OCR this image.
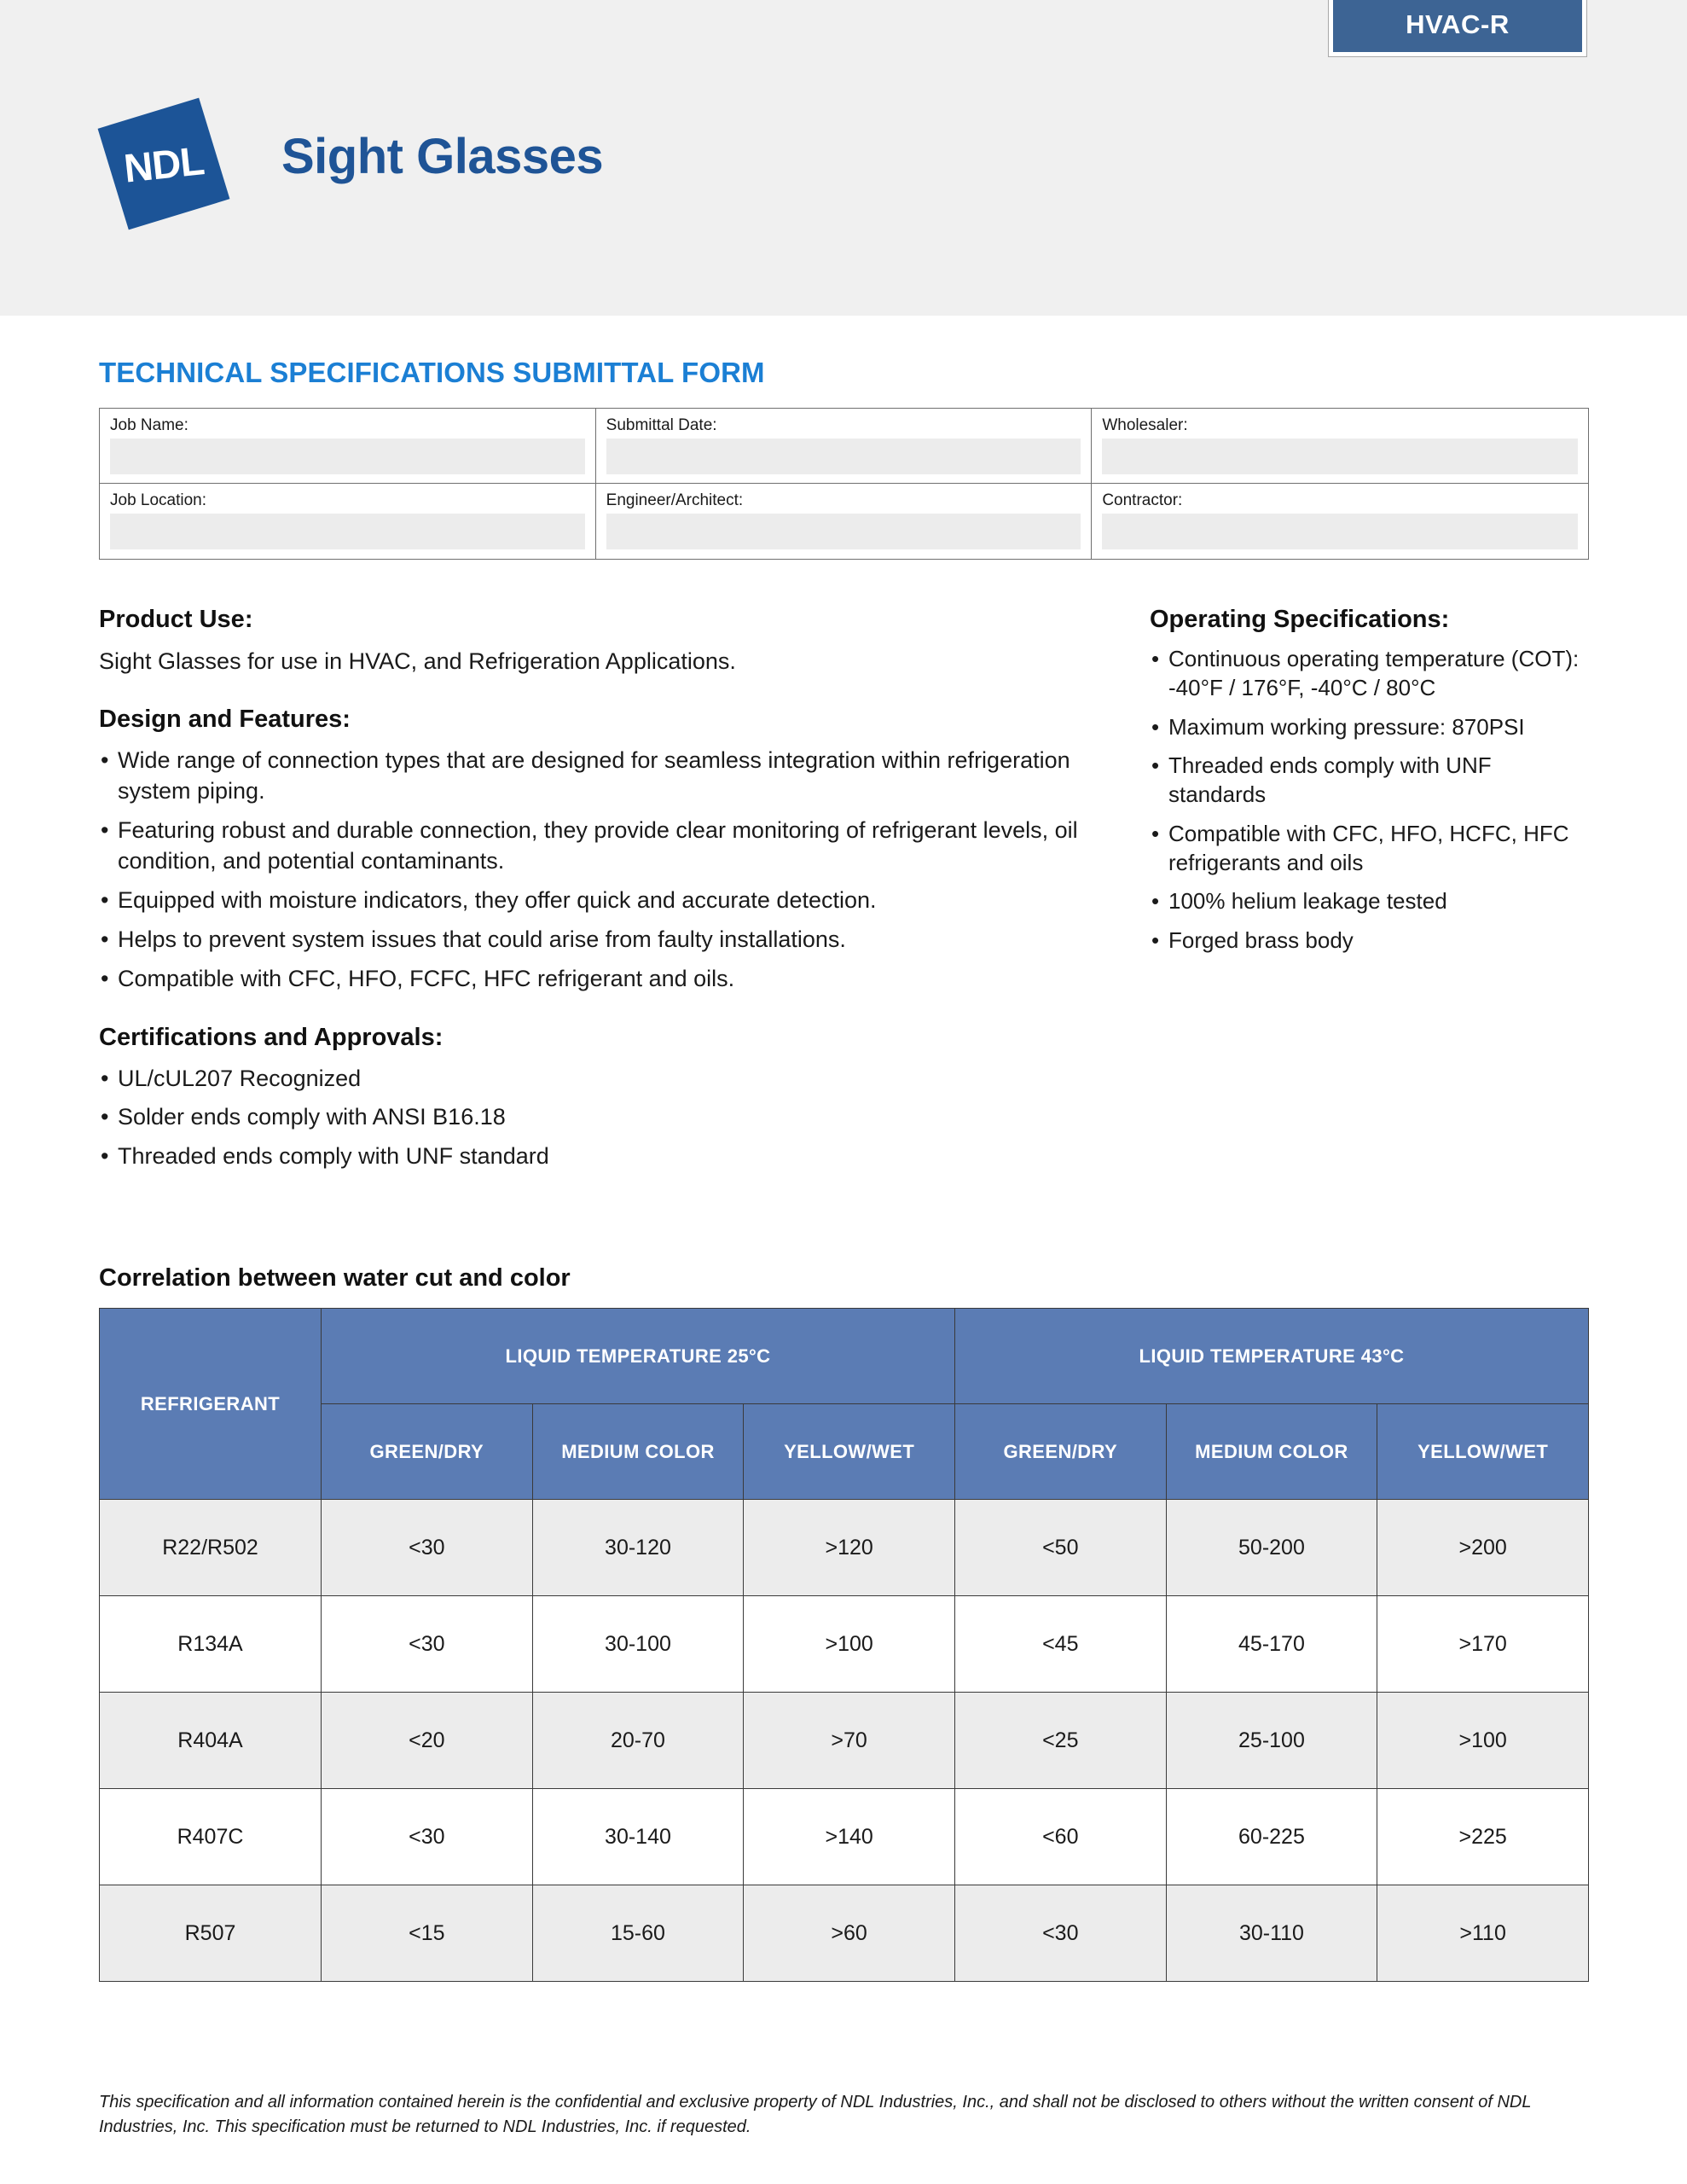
HVAC-R
NDL	Sight Glasses
TECHNICAL SPECIFICATIONS SUBMITTAL FORM
Job Name:	Submittal Date:	Wholesaler:
Job Location:	Engineer/Architect:	Contractor:
Product Use:
Sight Glasses for use in HVAC, and Refrigeration Applications.
Design and Features:
• Wide range of connection types that are designed for seamless integration within refrigeration system piping.
• Featuring robust and durable connection, they provide clear monitoring of refrigerant levels, oil condition, and potential contaminants.
• Equipped with moisture indicators, they offer quick and accurate detection.
• Helps to prevent system issues that could arise from faulty installations.
• Compatible with CFC, HFO, FCFC, HFC refrigerant and oils.
Certifications and Approvals:
• UL/cUL207 Recognized
• Solder ends comply with ANSI B16.18
• Threaded ends comply with UNF standard
Operating Specifications:
• Continuous operating temperature (COT): -40°F / 176°F, -40°C / 80°C
• Maximum working pressure: 870PSI
• Threaded ends comply with UNF standards
• Compatible with CFC, HFO, HCFC, HFC refrigerants and oils
• 100% helium leakage tested
• Forged brass body
Correlation between water cut and color
REFRIGERANT	LIQUID TEMPERATURE 25°C			LIQUID TEMPERATURE 43°C		
	GREEN/DRY	MEDIUM COLOR	YELLOW/WET	GREEN/DRY	MEDIUM COLOR	YELLOW/WET
R22/R502	<30	30-120	>120	<50	50-200	>200
R134A	<30	30-100	>100	<45	45-170	>170
R404A	<20	20-70	>70	<25	25-100	>100
R407C	<30	30-140	>140	<60	60-225	>225
R507	<15	15-60	>60	<30	30-110	>110
This specification and all information contained herein is the confidential and exclusive property of NDL Industries, Inc., and shall not be disclosed to others without the written consent of NDL Industries, Inc. This specification must be returned to NDL Industries, Inc. if requested.
